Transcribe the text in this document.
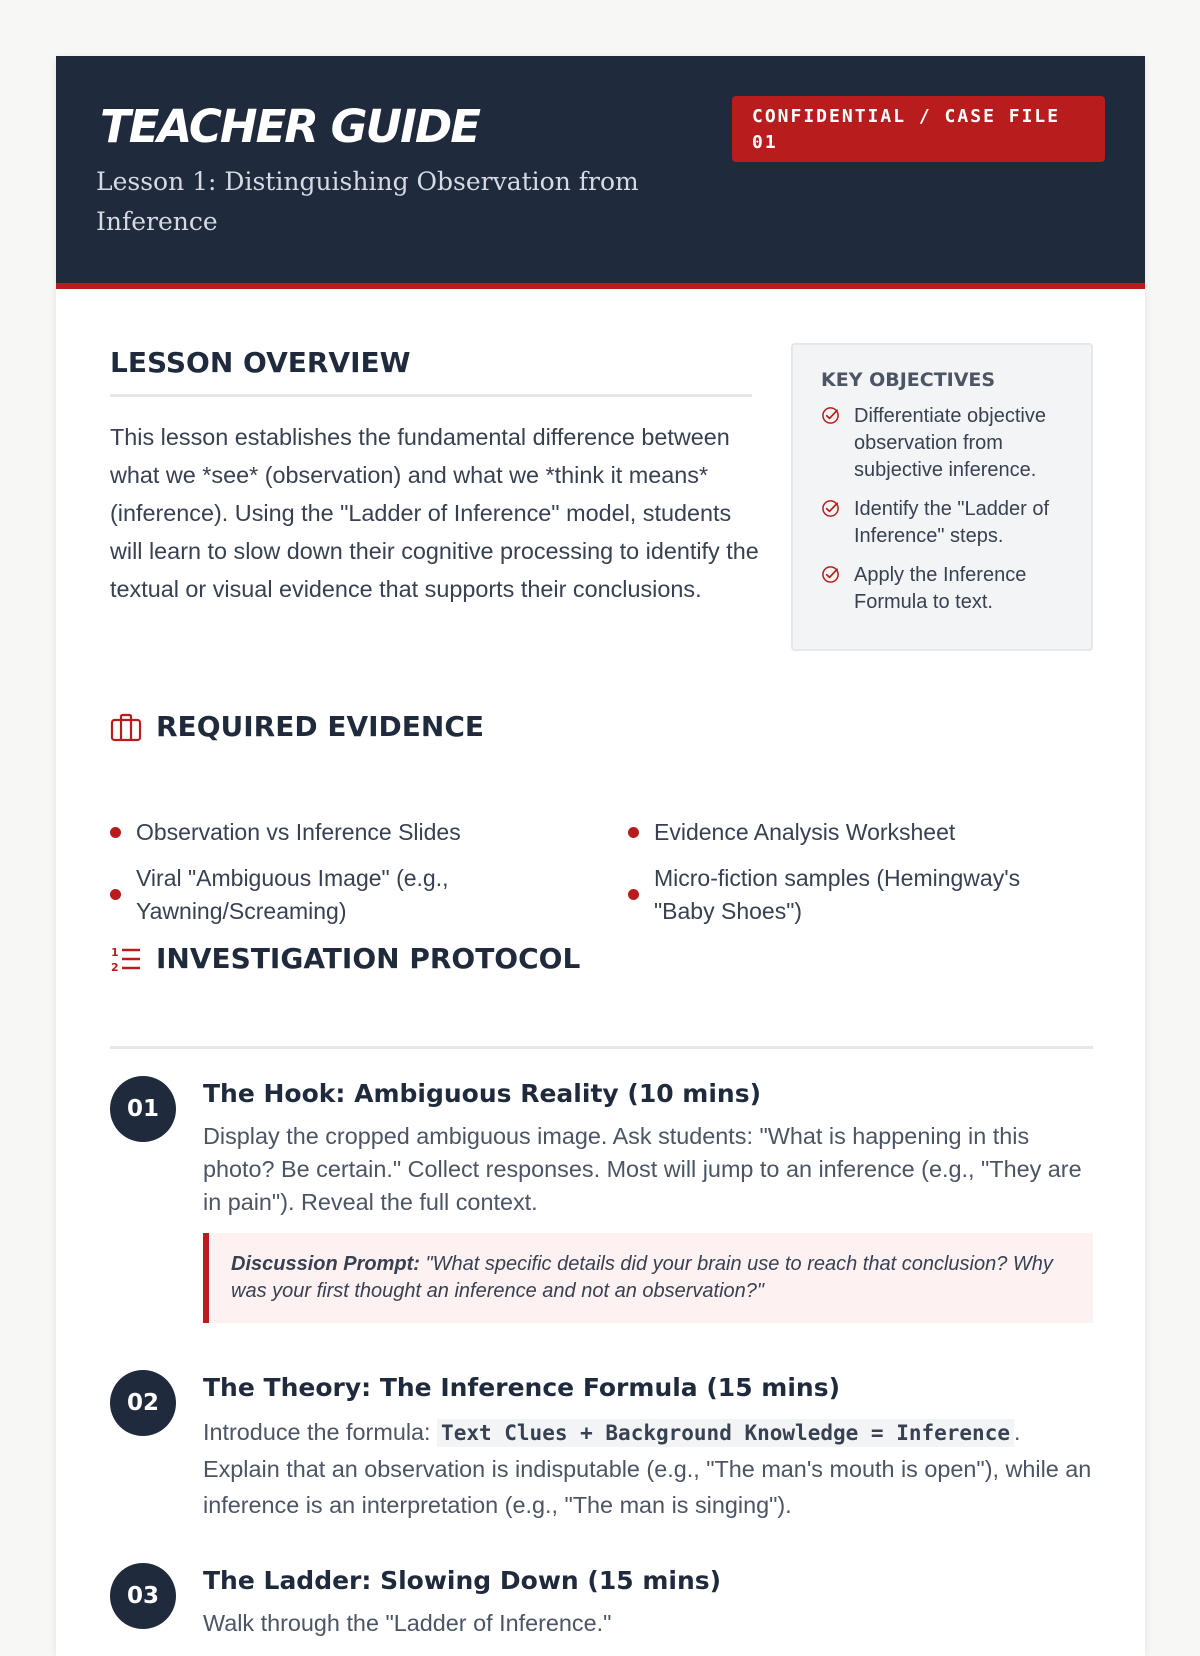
TEACHER GUIDE
Lesson 1: Distinguishing Observation from Inference
CONFIDENTIAL / CASE FILE 01
LESSON OVERVIEW
This lesson establishes the fundamental difference between what we *see* (observation) and what we *think it means* (inference). Using the "Ladder of Inference" model, students will learn to slow down their cognitive processing to identify the textual or visual evidence that supports their conclusions.
KEY OBJECTIVES
Differentiate objective observation from subjective inference.
Identify the "Ladder of Inference" steps.
Apply the Inference Formula to text.
REQUIRED EVIDENCE
Observation vs Inference Slides	Evidence Analysis Worksheet
Viral "Ambiguous Image" (e.g., Yawning/Screaming)
Micro-fiction samples (Hemingway's "Baby Shoes")
1
2 INVESTIGATION PROTOCOL
01
The Hook: Ambiguous Reality (10 mins)
Display the cropped ambiguous image. Ask students: "What is happening in this photo? Be certain." Collect responses. Most will jump to an inference (e.g., "They are in pain"). Reveal the full context.
Discussion Prompt: "What specific details did your brain use to reach that conclusion? Why was your first thought an inference and not an observation?"
02
The Theory: The Inference Formula (15 mins)
Introduce the formula: Text Clues + Background Knowledge = Inference . Explain that an observation is indisputable (e.g., "The man's mouth is open"), while an inference is an interpretation (e.g., "The man is singing").
03
The Ladder: Slowing Down (15 mins)
Walk through the "Ladder of Inference."
